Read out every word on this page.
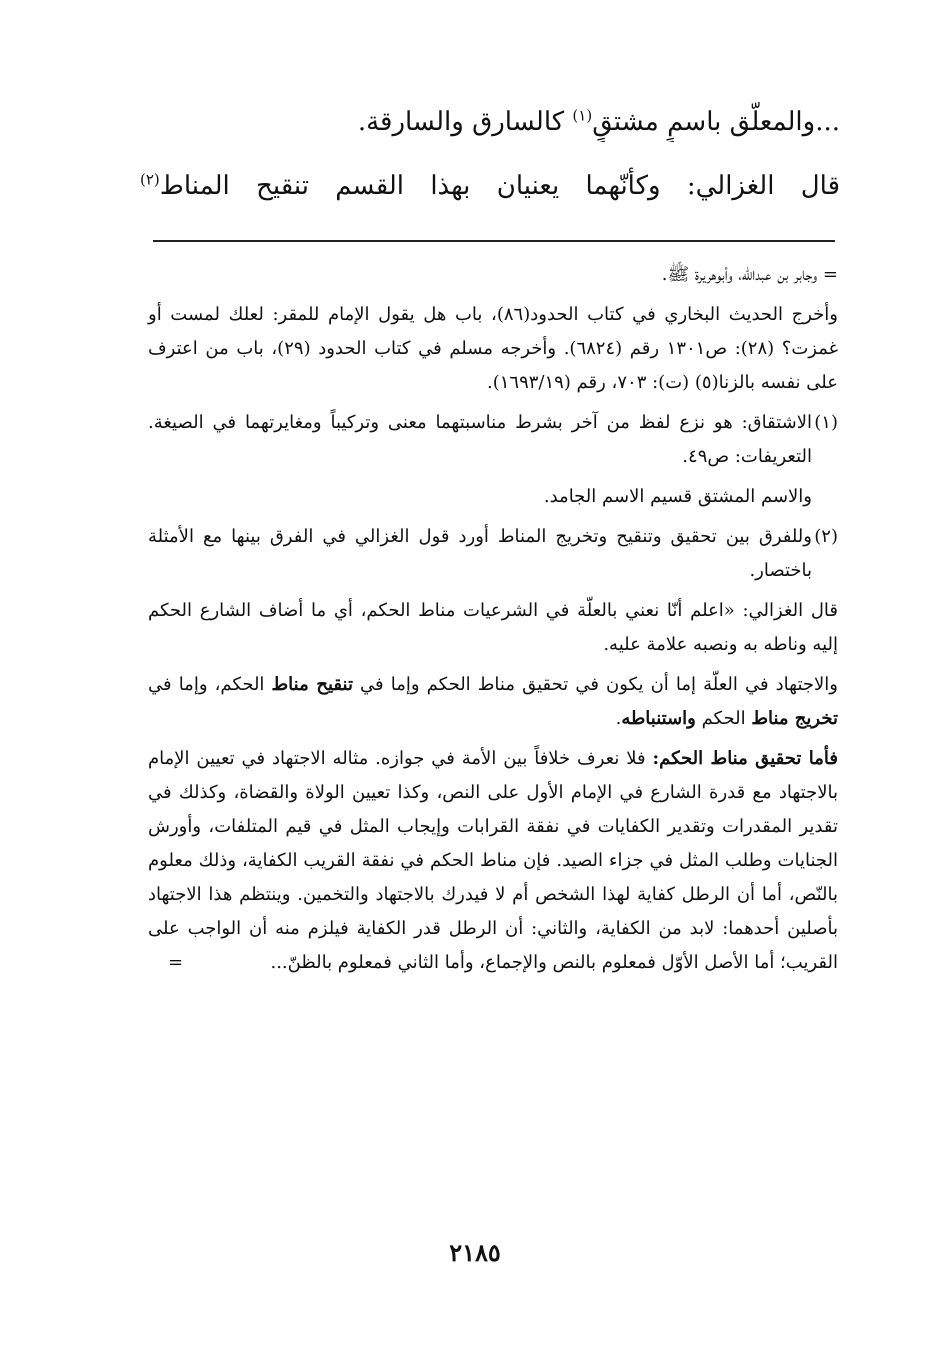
...والمعلّق باسمٍ مشتقٍ$^{(١)}$ كالسارق والسارقة.

قال الغزالي: وكأنّهما يعنيان بهذا القسم تنقيح المناط$^{(٢)}$

= وجابر بن عبدالله، وأبوهريرة ﷺ.

وأخرج الحديث البخاري في كتاب الحدود(٨٦)، باب هل يقول الإمام للمقر: لعلك لمست أو غمزت؟ (٢٨): ص١٣٠١ رقم (٦٨٢٤). وأخرجه مسلم في كتاب الحدود (٢٩)، باب من اعترف على نفسه بالزنا(٥) (ت): ٧٠٣، رقم (١٦٩٣/١٩).

(١)الاشتقاق: هو نزع لفظ من آخر بشرط مناسبتهما معنى وتركيباً ومغايرتهما في الصيغة. التعريفات: ص٤٩.

والاسم المشتق قسيم الاسم الجامد.

(٢)وللفرق بين تحقيق وتنقيح وتخريج المناط أورد قول الغزالي في الفرق بينها مع الأمثلة باختصار.

قال الغزالي: «اعلم أنّا نعني بالعلّة في الشرعيات مناط الحكم، أي ما أضاف الشارع الحكم إليه وناطه به ونصبه علامة عليه.

والاجتهاد في العلّة إما أن يكون في تحقيق مناط الحكم وإما في تنقيح مناط الحكم، وإما في تخريج مناط الحكم واستنباطه.

فأما تحقيق مناط الحكم: فلا نعرف خلافاً بين الأمة في جوازه. مثاله الاجتهاد في تعيين الإمام بالاجتهاد مع قدرة الشارع في الإمام الأول على النص، وكذا تعيين الولاة والقضاة، وكذلك في تقدير المقدرات وتقدير الكفايات في نفقة القرابات وإيجاب المثل في قيم المتلفات، وأورش الجنايات وطلب المثل في جزاء الصيد. فإن مناط الحكم في نفقة القريب الكفاية، وذلك معلوم بالنّص، أما أن الرطل كفاية لهذا الشخص أم لا فيدرك بالاجتهاد والتخمين. وينتظم هذا الاجتهاد بأصلين أحدهما: لابد من الكفاية، والثاني: أن الرطل قدر الكفاية فيلزم منه أن الواجب على القريب؛ أما الأصل الأوّل فمعلوم بالنص والإجماع، وأما الثاني فمعلوم بالظنّ...
=

٢١٨٥
